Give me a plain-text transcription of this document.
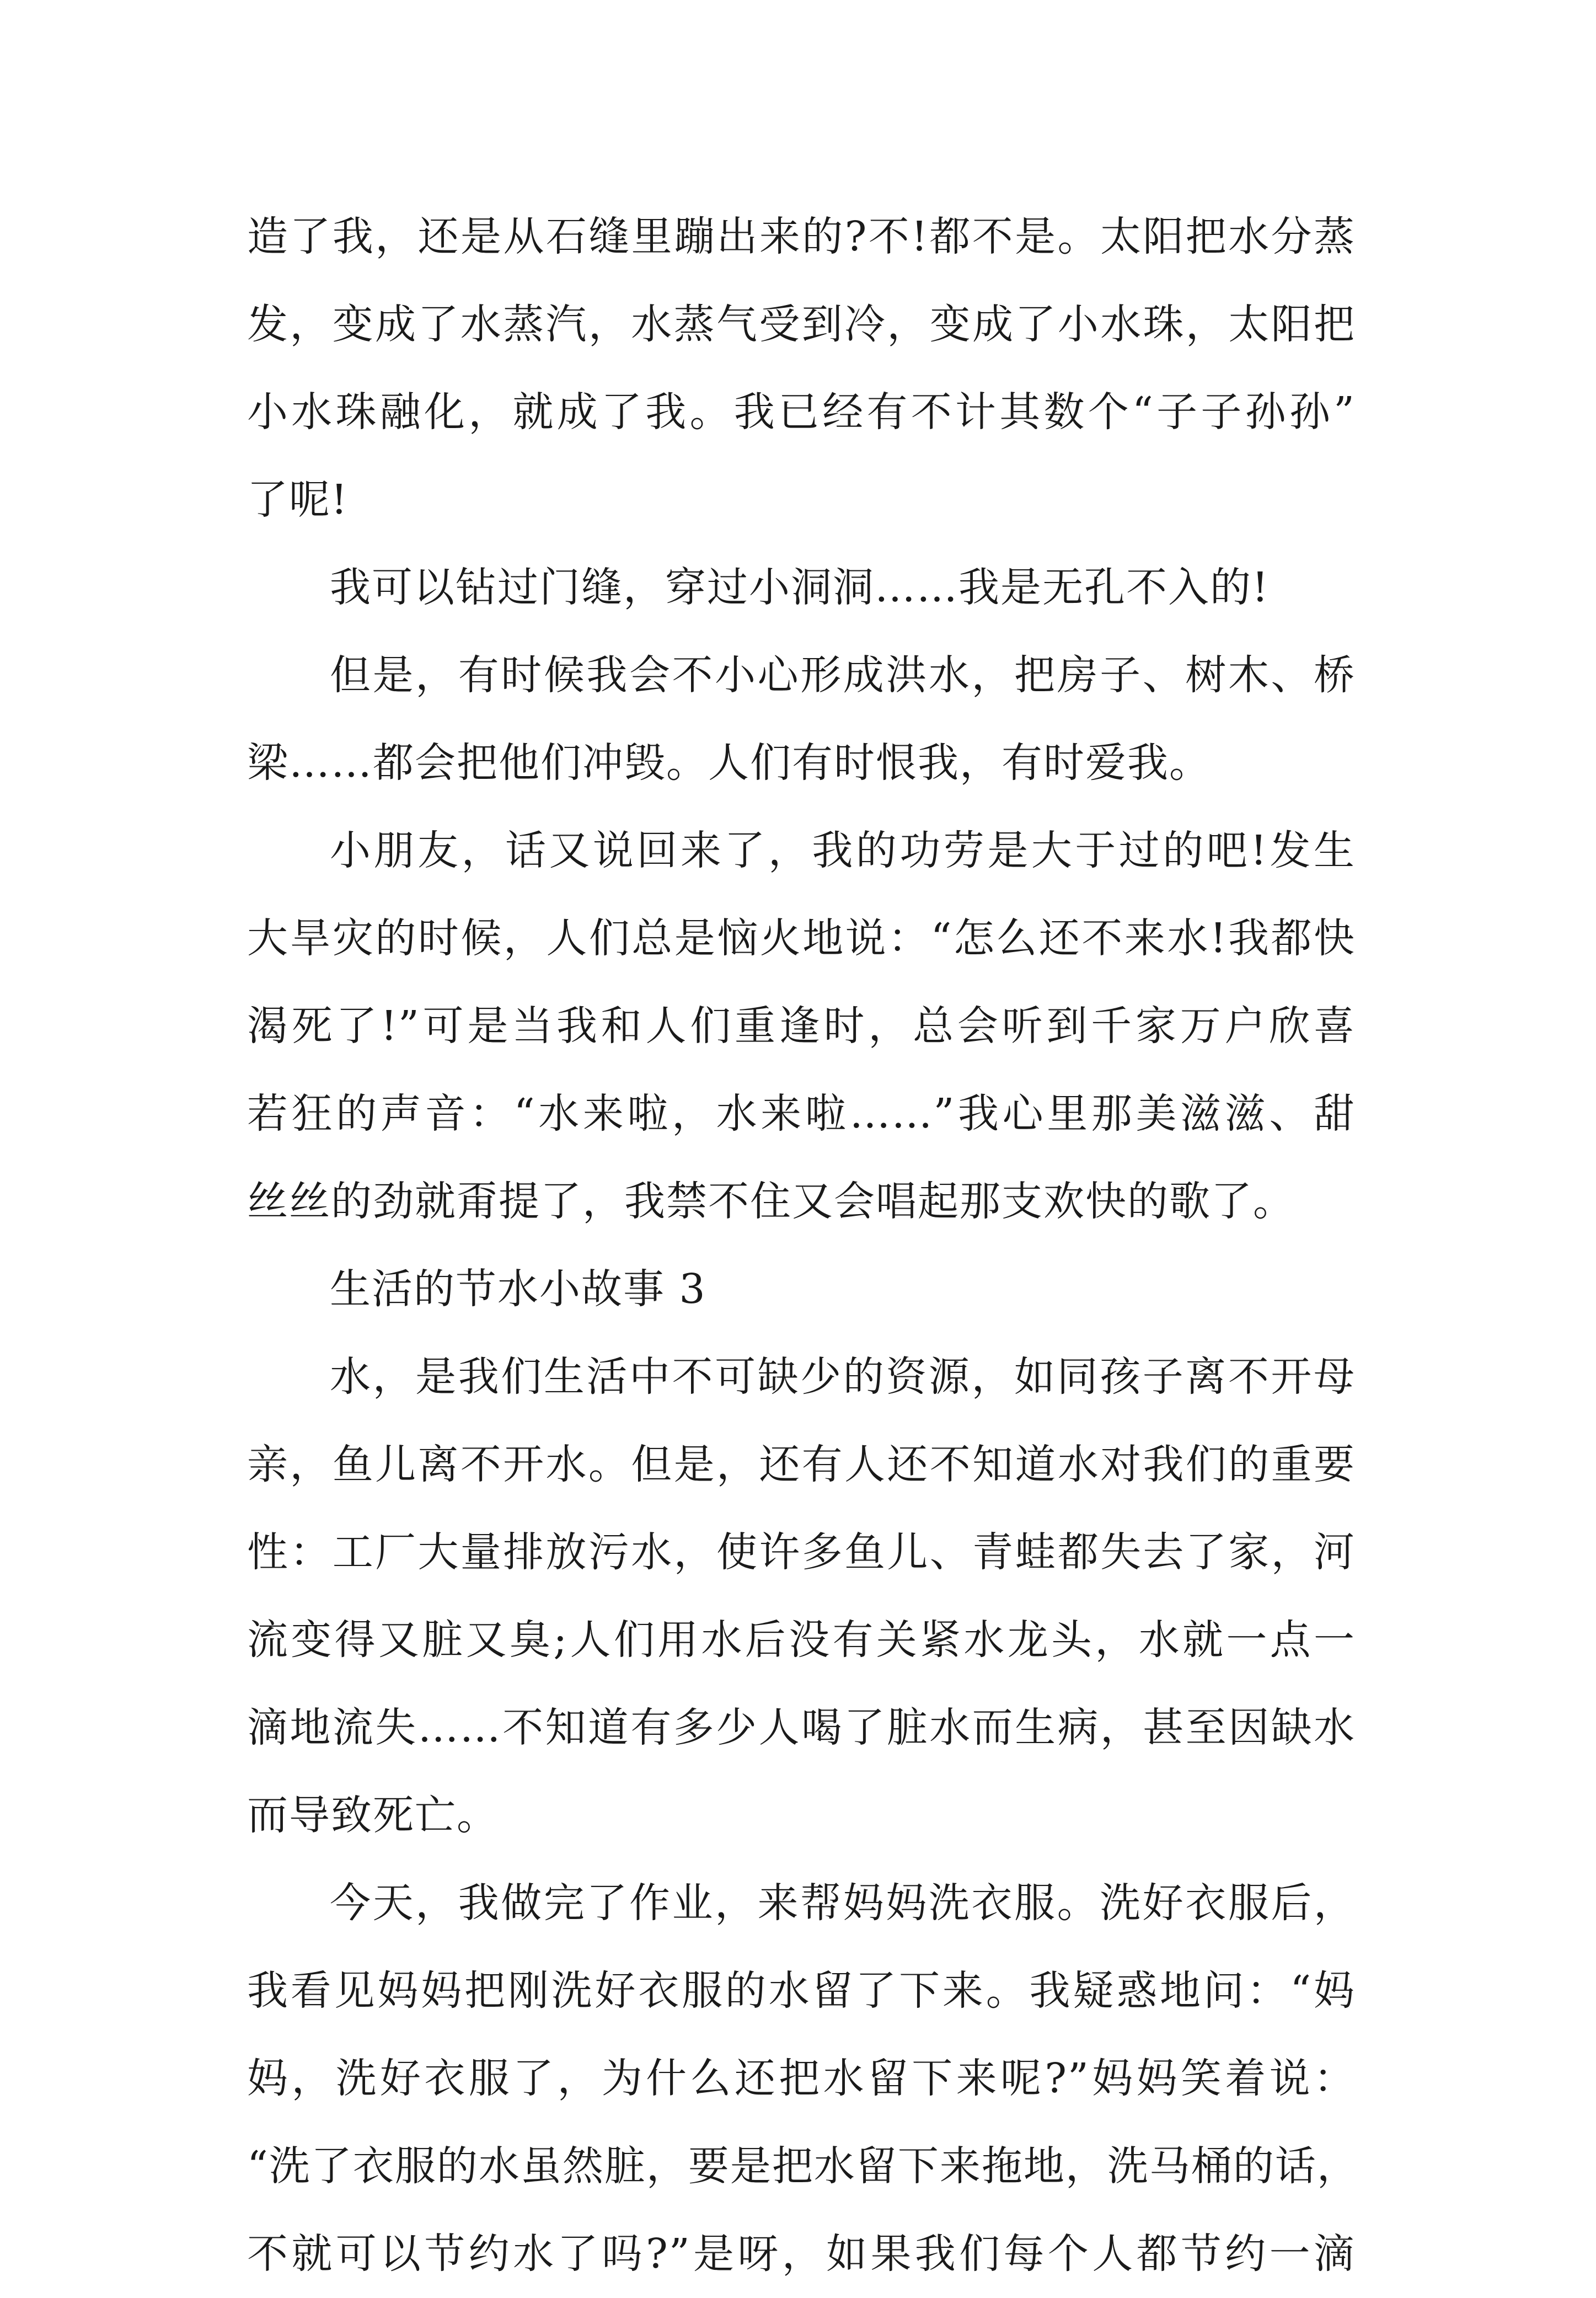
造了我，还是从石缝里蹦出来的?不!都不是。太阳把水分蒸
发，变成了水蒸汽，水蒸气受到冷，变成了小水珠，太阳把
小水珠融化，就成了我。我已经有不计其数个“子子孙孙”
了呢!
我可以钻过门缝，穿过小洞洞……我是无孔不入的!
但是，有时候我会不小心形成洪水，把房子、树木、桥
梁……都会把他们冲毁。人们有时恨我，有时爱我。
小朋友，话又说回来了，我的功劳是大于过的吧!发生
大旱灾的时候，人们总是恼火地说：“怎么还不来水!我都快
渴死了!”可是当我和人们重逢时，总会听到千家万户欣喜
若狂的声音：“水来啦，水来啦……”我心里那美滋滋、甜
丝丝的劲就甭提了，我禁不住又会唱起那支欢快的歌了。
生活的节水小故事 3
水，是我们生活中不可缺少的资源，如同孩子离不开母
亲，鱼儿离不开水。但是，还有人还不知道水对我们的重要
性：工厂大量排放污水，使许多鱼儿、青蛙都失去了家，河
流变得又脏又臭;人们用水后没有关紧水龙头，水就一点一
滴地流失……不知道有多少人喝了脏水而生病，甚至因缺水
而导致死亡。
今天，我做完了作业，来帮妈妈洗衣服。洗好衣服后，
我看见妈妈把刚洗好衣服的水留了下来。我疑惑地问：“妈
妈，洗好衣服了，为什么还把水留下来呢?”妈妈笑着说：
“洗了衣服的水虽然脏，要是把水留下来拖地，洗马桶的话，
不就可以节约水了吗?”是呀，如果我们每个人都节约一滴
